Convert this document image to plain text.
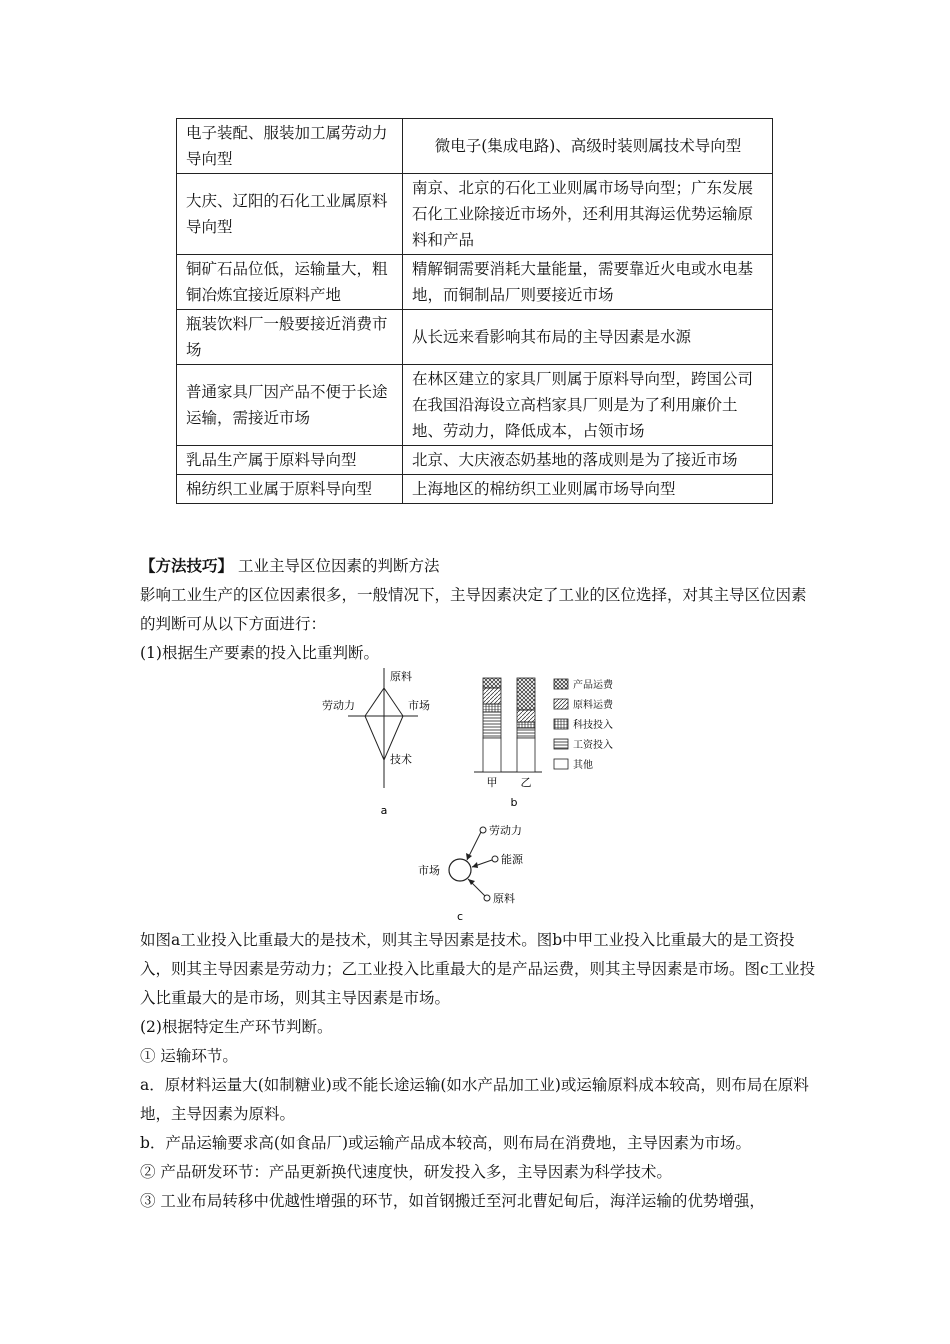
电子装配、服装加工属劳动力导向型	微电子(集成电路)、高级时装则属技术导向型
大庆、辽阳的石化工业属原料导向型	南京、北京的石化工业则属市场导向型；广东发展石化工业除接近市场外，还利用其海运优势运输原料和产品
铜矿石品位低，运输量大，粗铜冶炼宜接近原料产地	精解铜需要消耗大量能量，需要靠近火电或水电基地，而铜制品厂则要接近市场
瓶装饮料厂一般要接近消费市场	从长远来看影响其布局的主导因素是水源
普通家具厂因产品不便于长途运输，需接近市场	在林区建立的家具厂则属于原料导向型，跨国公司在我国沿海设立高档家具厂则是为了利用廉价土地、劳动力，降低成本，占领市场
乳品生产属于原料导向型	北京、大庆液态奶基地的落成则是为了接近市场
棉纺织工业属于原料导向型	上海地区的棉纺织工业则属市场导向型

【方法技巧】 工业主导区位因素的判断方法

影响工业生产的区位因素很多，一般情况下，主导因素决定了工业的区位选择，对其主导区位因素的判断可从以下方面进行：

(1)根据生产要素的投入比重判断。

原料
劳动力	市场
技术
a
甲 乙
b
产品运费
原料运费
科技投入
工资投入
其他
市场
劳动力
能源
原料
c

如图a工业投入比重最大的是技术，则其主导因素是技术。图b中甲工业投入比重最大的是工资投入，则其主导因素是劳动力；乙工业投入比重最大的是产品运费，则其主导因素是市场。图c工业投入比重最大的是市场，则其主导因素是市场。

(2)根据特定生产环节判断。

① 运输环节。

a．原材料运量大(如制糖业)或不能长途运输(如水产品加工业)或运输原料成本较高，则布局在原料地，主导因素为原料。

b．产品运输要求高(如食品厂)或运输产品成本较高，则布局在消费地，主导因素为市场。

② 产品研发环节：产品更新换代速度快，研发投入多，主导因素为科学技术。

③ 工业布局转移中优越性增强的环节，如首钢搬迁至河北曹妃甸后，海洋运输的优势增强，
